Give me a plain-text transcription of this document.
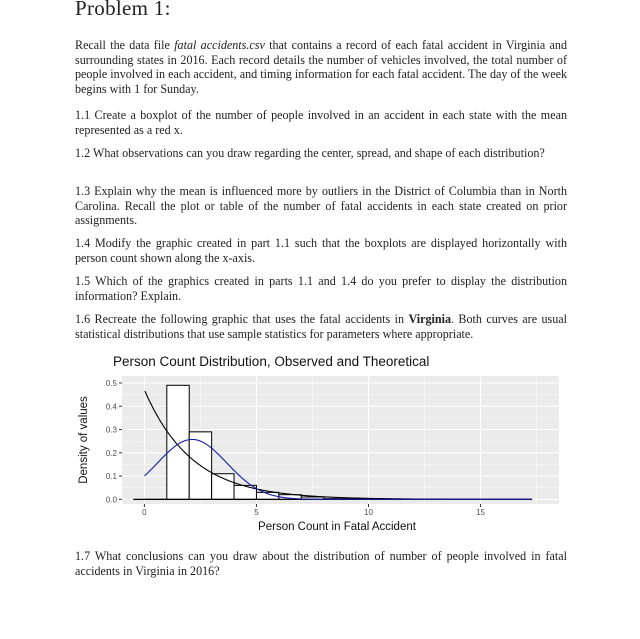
Problem 1:

Recall the data file fatal accidents.csv that contains a record of each fatal accident in Virginia and surrounding states in 2016. Each record details the number of vehicles involved, the total number of people involved in each accident, and timing information for each fatal accident. The day of the week begins with 1 for Sunday.

1.1 Create a boxplot of the number of people involved in an accident in each state with the mean represented as a red x.

1.2 What observations can you draw regarding the center, spread, and shape of each distribution?

1.3 Explain why the mean is influenced more by outliers in the District of Columbia than in North Carolina. Recall the plot or table of the number of fatal accidents in each state created on prior assignments.

1.4 Modify the graphic created in part 1.1 such that the boxplots are displayed horizontally with person count shown along the x-axis.

1.5 Which of the graphics created in parts 1.1 and 1.4 do you prefer to display the distribution information? Explain.

1.6 Recreate the following graphic that uses the fatal accidents in Virginia. Both curves are usual statistical distributions that use sample statistics for parameters where appropriate.

1.7 What conclusions can you draw about the distribution of number of people involved in fatal accidents in Virginia in 2016?

Person Count Distribution, Observed and Theoretical
0.0
0.1
0.2
0.3
0.4
0.5
0	5	10	15
Person Count in Fatal Accident
Density of values
